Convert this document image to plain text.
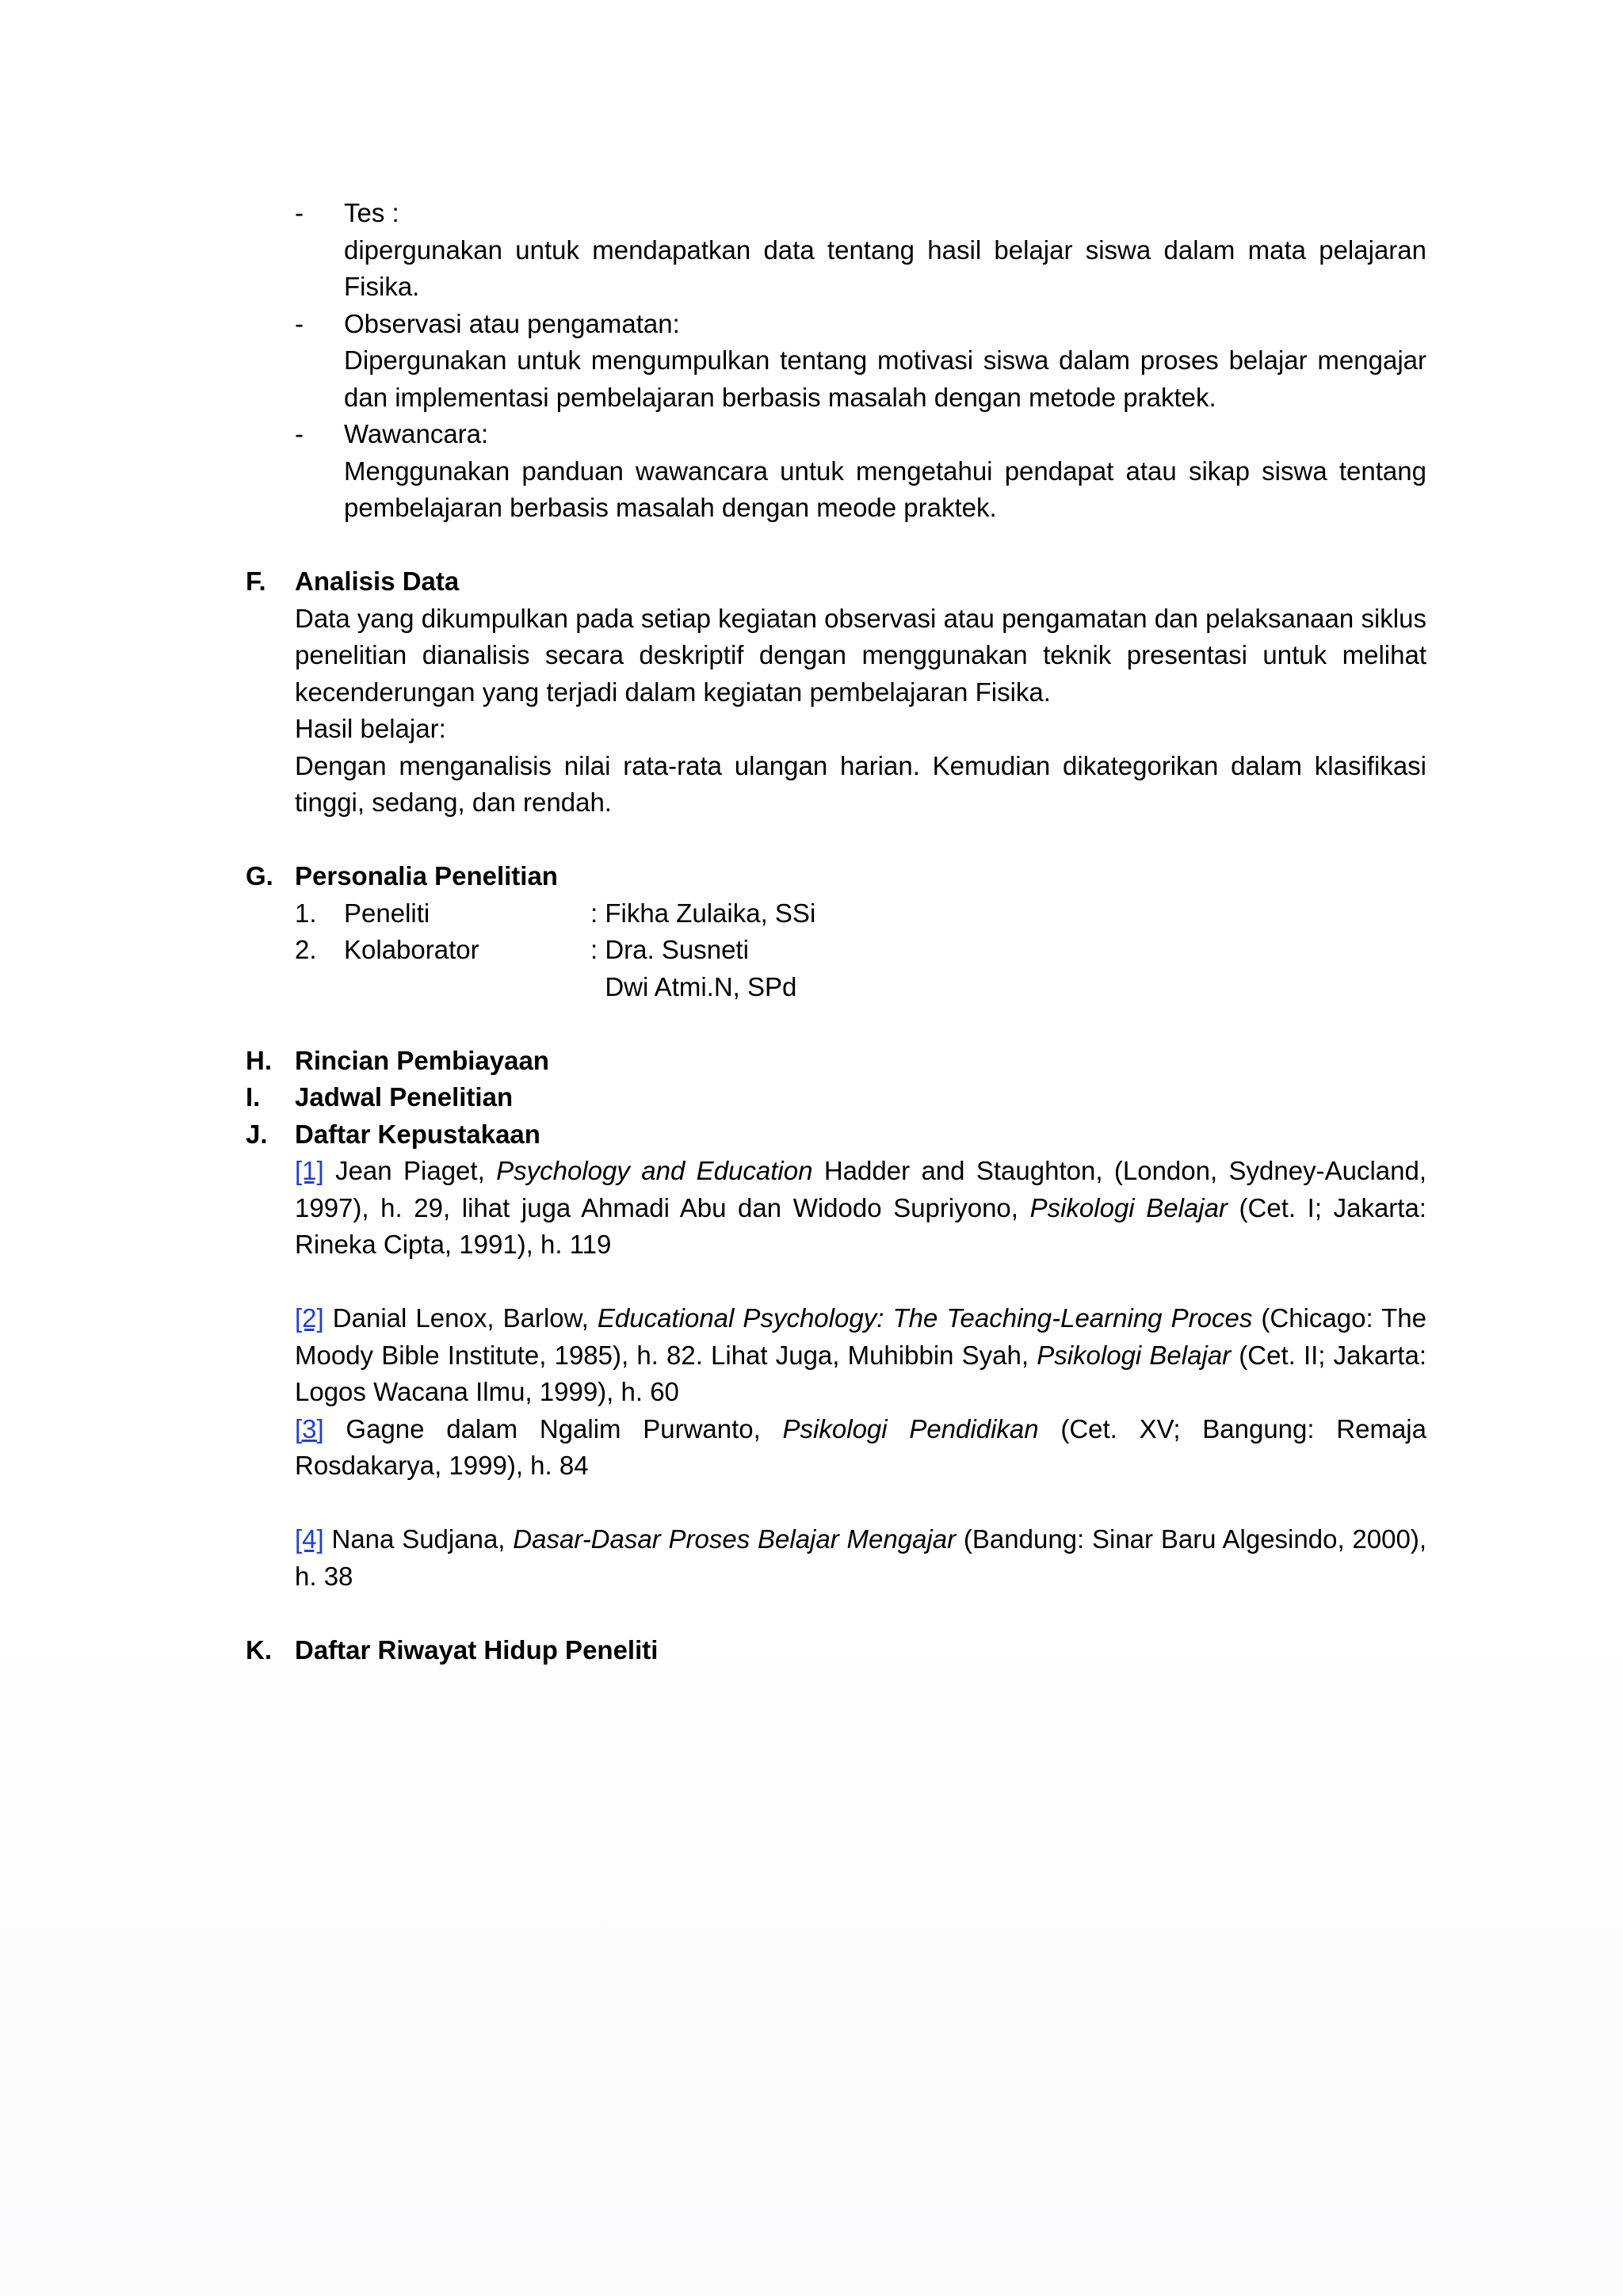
-	Tes :
dipergunakan untuk mendapatkan data tentang hasil belajar siswa dalam mata pelajaran Fisika.
-	Observasi atau pengamatan:
Dipergunakan untuk mengumpulkan tentang motivasi siswa dalam proses belajar mengajar dan implementasi pembelajaran berbasis masalah dengan metode praktek.
-	Wawancara:
Menggunakan panduan wawancara untuk mengetahui pendapat atau sikap siswa tentang pembelajaran berbasis masalah dengan meode praktek.
F.	Analisis Data
Data yang dikumpulkan pada setiap kegiatan observasi atau pengamatan dan pelaksanaan siklus penelitian dianalisis secara deskriptif dengan menggunakan teknik presentasi untuk melihat kecenderungan yang terjadi dalam kegiatan pembelajaran Fisika.
Hasil belajar:
Dengan menganalisis nilai rata-rata ulangan harian. Kemudian dikategorikan dalam klasifikasi tinggi, sedang, dan rendah.
G. Personalia Penelitian
1.	Peneliti	: Fikha Zulaika, SSi
2.	Kolaborator	: Dra. Susneti
Dwi Atmi.N, SPd
H. Rincian Pembiayaan
I.	Jadwal Penelitian
J.	Daftar Kepustakaan
[1] Jean Piaget, Psychology and Education Hadder and Staughton, (London, Sydney-Aucland, 1997), h. 29, lihat juga Ahmadi Abu dan Widodo Supriyono, Psikologi Belajar (Cet. I; Jakarta: Rineka Cipta, 1991), h. 119
[2] Danial Lenox, Barlow, Educational Psychology: The Teaching-Learning Proces (Chicago: The Moody Bible Institute, 1985), h. 82. Lihat Juga, Muhibbin Syah, Psikologi Belajar (Cet. II; Jakarta: Logos Wacana Ilmu, 1999), h. 60
[3] Gagne dalam Ngalim Purwanto, Psikologi Pendidikan (Cet. XV; Bangung: Remaja Rosdakarya, 1999), h. 84
[4] Nana Sudjana, Dasar-Dasar Proses Belajar Mengajar (Bandung: Sinar Baru Algesindo, 2000), h. 38
K. Daftar Riwayat Hidup Peneliti
